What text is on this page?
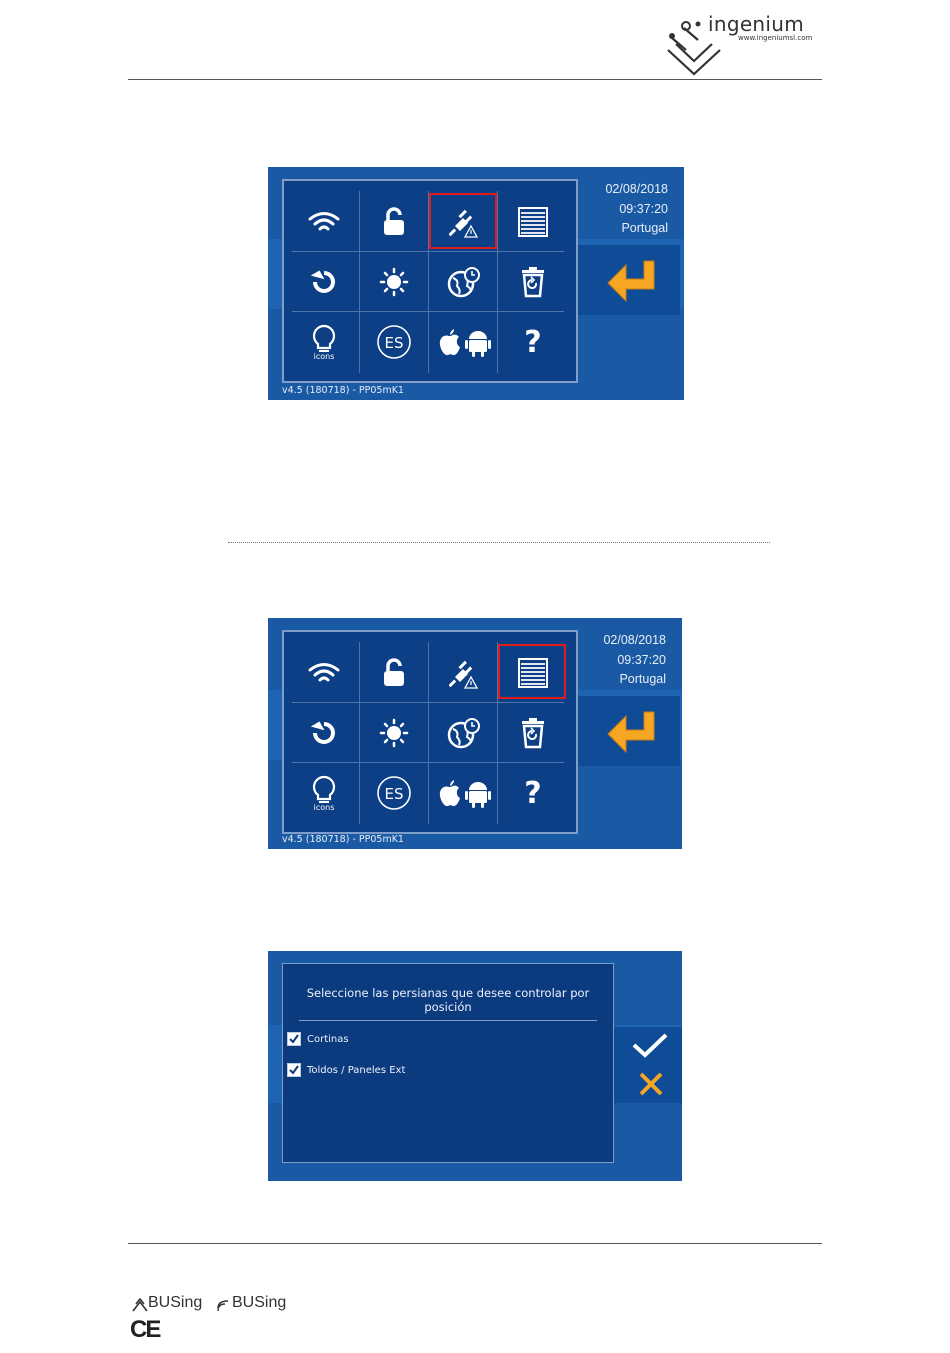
ingenium
www.ingeniumsl.com
icons
ES	?
02/08/2018
09:37:20
Portugal
v4.5 (180718) - PP05mK1
icons
ES	?
02/08/2018
09:37:20
Portugal
v4.5 (180718) - PP05mK1
Seleccione las persianas que desee controlar por posición
Cortinas
Toldos / Paneles Ext
BUSing BUSing
CE
